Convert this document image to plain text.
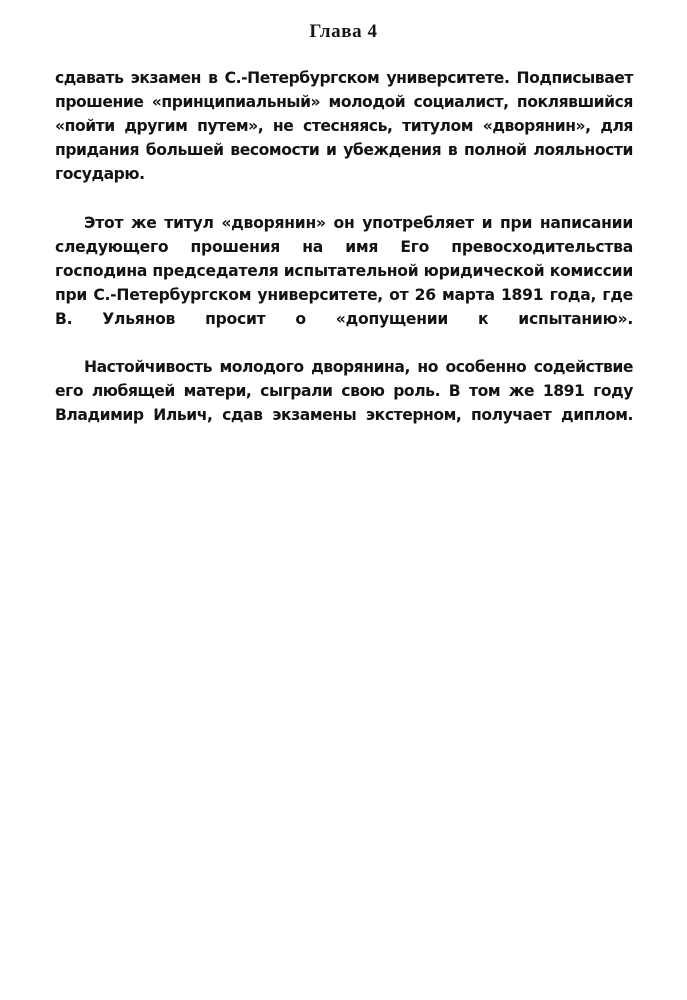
Глава 4

сдавать экзамен в С.-Петербургском университете. Подписывает прошение «принципиальный» молодой социалист, поклявшийся «пойти другим путем», не стесняясь, титулом «дворянин», для придания большей весомости и убеждения в полной лояльности государю.

Этот же титул «дворянин» он употребляет и при написании следующего прошения на имя Его превосходительства господина председателя испытательной юридической комиссии при С.-Петербургском университете, от 26 марта 1891 года, где В. Ульянов просит о «допущении к испытанию».

Настойчивость молодого дворянина, но особенно содействие его любящей матери, сыграли свою роль. В том же 1891 году Владимир Ильич, сдав экзамены экстерном, получает диплом.
